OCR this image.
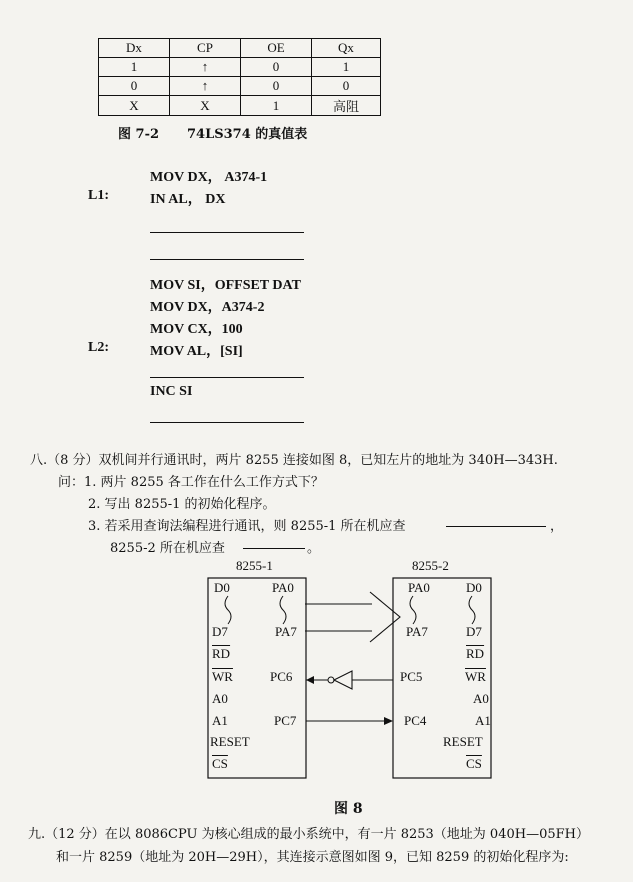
Dx	CP	OE	Qx
1	↑	0	1
0	↑	0	0
X	X	1	高阻
图 7-2 74LS374 的真值表
MOV DX， A374-1
L1:	IN AL， DX
MOV SI，OFFSET DAT
MOV DX，A374-2
MOV CX，100
L2:	MOV AL，[SI]
INC SI
八.（8 分）双机间并行通讯时，两片 8255 连接如图 8，已知左片的地址为 340H—343H.
问：1. 两片 8255 各工作在什么工作方式下？
2. 写出 8255-1 的初始化程序。
3. 若采用查询法编程进行通讯，则 8255-1 所在机应查	，
8255-2 所在机应查	。
8255-1	8255-2
D0
D7
$\overline{RD}$
$\overline{WR}$
A0
A1
RESET
$\overline{CS}$
PA0
PA7
PC6
PC7
PA0
PA7
PC5
PC4
D0
D7
$\overline{RD}$
$\overline{WR}$
A0
A1
RESET
$\overline{CS}$
图 8
九.（12 分）在以 8086CPU 为核心组成的最小系统中，有一片 8253（地址为 040H—05FH）
和一片 8259（地址为 20H—29H），其连接示意图如图 9，已知 8259 的初始化程序为:
